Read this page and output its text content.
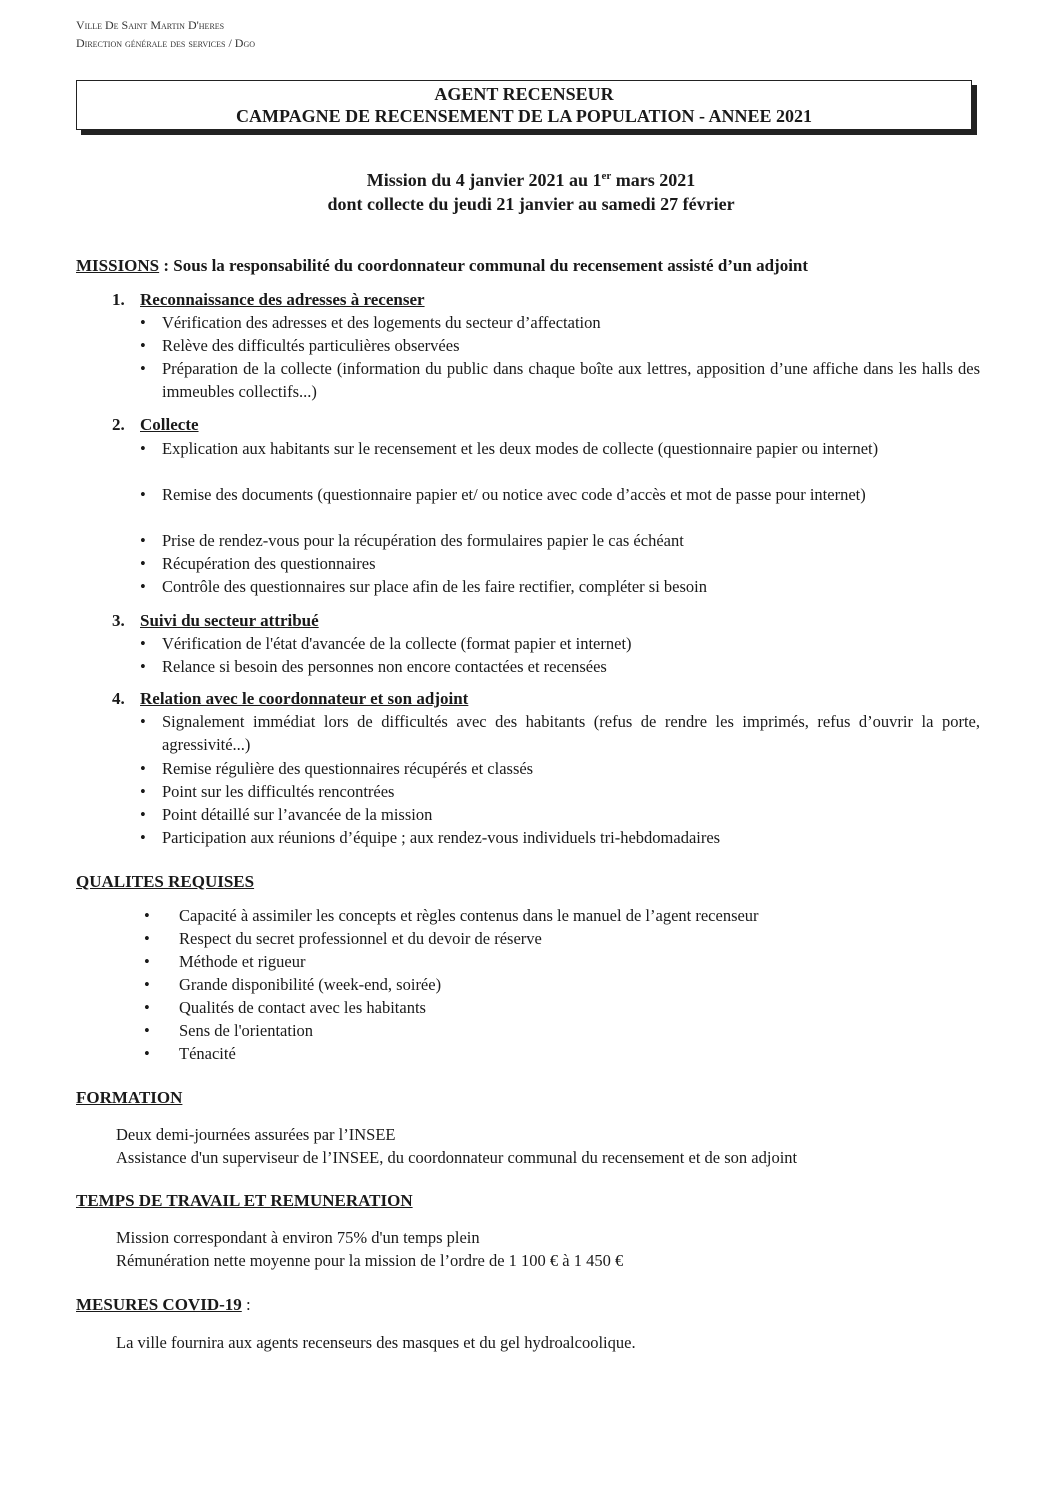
Ville De Saint Martin D'heres
Direction générale des services / Dgo
AGENT RECENSEUR
CAMPAGNE DE RECENSEMENT DE LA POPULATION - ANNEE 2021
Mission du 4 janvier 2021 au 1er mars 2021
dont collecte du jeudi 21 janvier au samedi 27 février
MISSIONS : Sous la responsabilité du coordonnateur communal du recensement assisté d’un adjoint
1. Reconnaissance des adresses à recenser
• Vérification des adresses et des logements du secteur d’affectation
• Relève des difficultés particulières observées
• Préparation de la collecte (information du public dans chaque boîte aux lettres, apposition d’une affiche dans les halls des immeubles collectifs...)
2. Collecte
• Explication aux habitants sur le recensement et les deux modes de collecte (questionnaire papier ou internet)
• Remise des documents (questionnaire papier et/ ou notice avec code d’accès et mot de passe pour internet)
• Prise de rendez-vous pour la récupération des formulaires papier le cas échéant
• Récupération des questionnaires
• Contrôle des questionnaires sur place afin de les faire rectifier, compléter si besoin
3. Suivi du secteur attribué
• Vérification de l'état d'avancée de la collecte (format papier et internet)
• Relance si besoin des personnes non encore contactées et recensées
4. Relation avec le coordonnateur et son adjoint
• Signalement immédiat lors de difficultés avec des habitants (refus de rendre les imprimés, refus d’ouvrir la porte, agressivité...)
• Remise régulière des questionnaires récupérés et classés
• Point sur les difficultés rencontrées
• Point détaillé sur l’avancée de la mission
• Participation aux réunions d’équipe ; aux rendez-vous individuels tri-hebdomadaires
QUALITES REQUISES
• Capacité à assimiler les concepts et règles contenus dans le manuel de l’agent recenseur
• Respect du secret professionnel et du devoir de réserve
• Méthode et rigueur
• Grande disponibilité (week-end, soirée)
• Qualités de contact avec les habitants
• Sens de l'orientation
• Ténacité
FORMATION
Deux demi-journées assurées par l’INSEE
Assistance d'un superviseur de l’INSEE, du coordonnateur communal du recensement et de son adjoint
TEMPS DE TRAVAIL ET REMUNERATION
Mission correspondant à environ 75% d'un temps plein
Rémunération nette moyenne pour la mission de l’ordre de 1 100 € à 1 450 €
MESURES COVID-19 :
La ville fournira aux agents recenseurs des masques et du gel hydroalcoolique.
